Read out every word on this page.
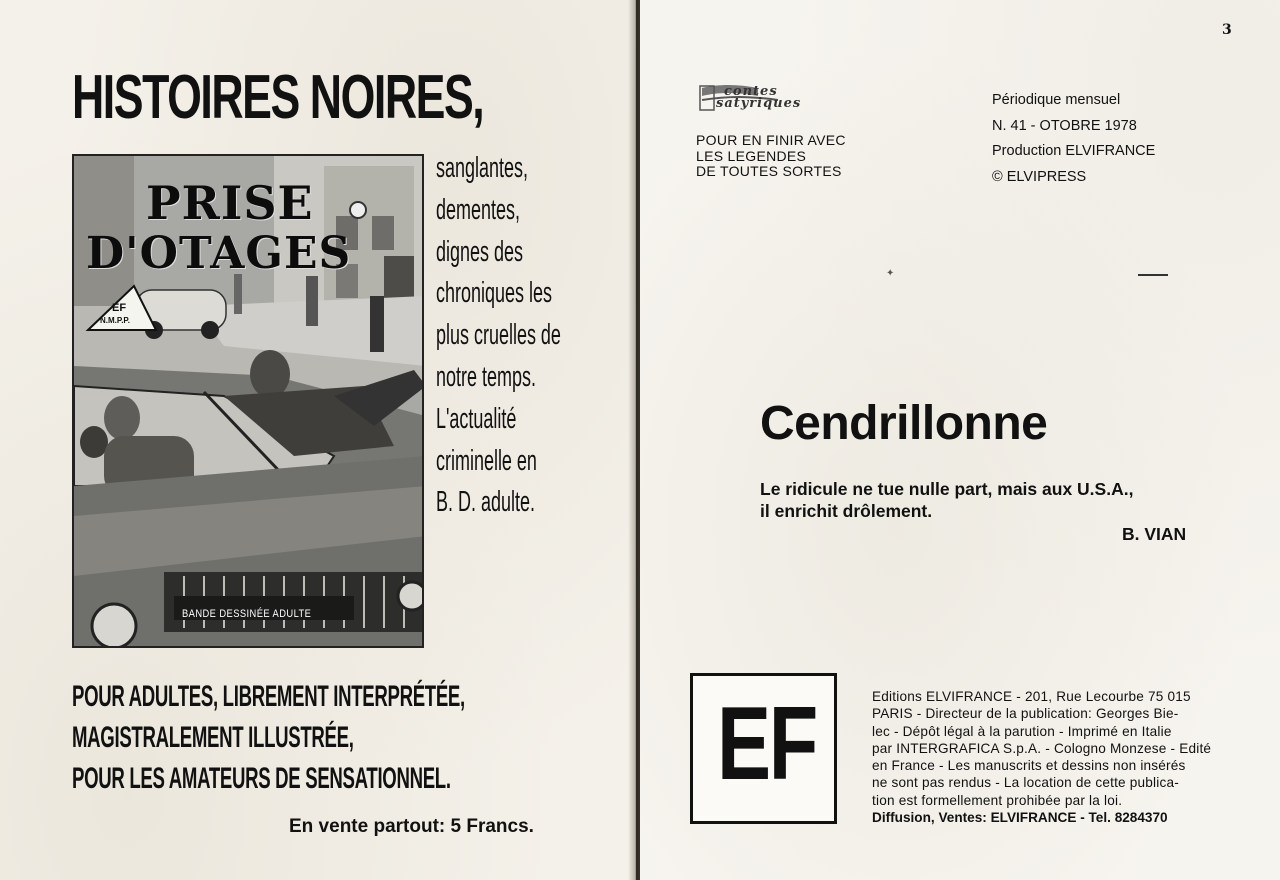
HISTOIRES NOIRES,
PRISE
D'OTAGES
EF
N.M.P.P.
BANDE DESSINÉE ADULTE
sanglantes,
dementes,
dignes des
chroniques les
plus cruelles de
notre temps.
L'actualité
criminelle en
B. D. adulte.
POUR ADULTES, LIBREMENT INTERPRÉTÉE,
MAGISTRALEMENT ILLUSTRÉE,
POUR LES AMATEURS DE SENSATIONNEL.
En vente partout: 5 Francs.
3
contes
satyriques
POUR EN FINIR AVEC
LES LEGENDES
DE TOUTES SORTES
Périodique mensuel
N. 41 - OTOBRE 1978
Production ELVIFRANCE
© ELVIPRESS
✦
Cendrillonne
Le ridicule ne tue nulle part, mais aux U.S.A.,
il enrichit drôlement.
B. VIAN
EF	Editions ELVIFRANCE - 201, Rue Lecourbe 75 015
PARIS - Directeur de la publication: Georges Bie-
lec - Dépôt légal à la parution - Imprimé en Italie
par INTERGRAFICA S.p.A. - Cologno Monzese - Edité
en France - Les manuscrits et dessins non insérés
ne sont pas rendus - La location de cette publica-
tion est formellement prohibée par la loi.
Diffusion, Ventes: ELVIFRANCE - Tel. 8284370
